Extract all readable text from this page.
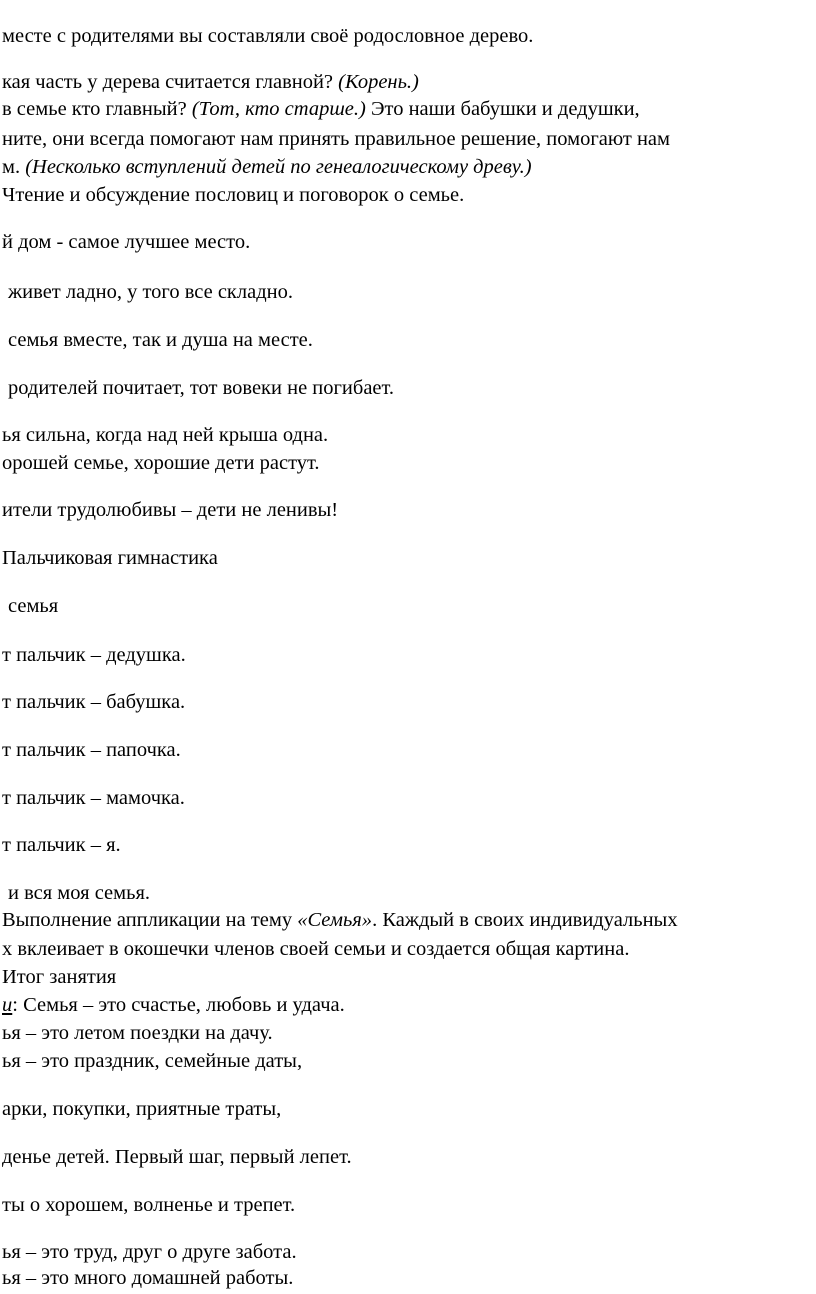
месте с родителями вы составляли своё родословное дерево.

кая часть у дерева считается главной? (Корень.)

в семье кто главный? (Тот, кто старше.) Это наши бабушки и дедушки,

ните, они всегда помогают нам принять правильное решение, помогают нам

м. (Несколько вступлений детей по генеалогическому древу.)

Чтение и обсуждение пословиц и поговорок о семье.

й дом - самое лучшее место.

живет ладно, у того все складно.

семья вместе, так и душа на месте.

родителей почитает, тот вовеки не погибает.

ья сильна, когда над ней крыша одна.

орошей семье, хорошие дети растут.

ители трудолюбивы – дети не ленивы!

Пальчиковая гимнастика

семья

т пальчик – дедушка.

т пальчик – бабушка.

т пальчик – папочка.

т пальчик – мамочка.

т пальчик – я.

и вся моя семья.

Выполнение аппликации на тему «Семья». Каждый в своих индивидуальных

х вклеивает в окошечки членов своей семьи и создается общая картина.

Итог занятия

и: Семья – это счастье, любовь и удача.

ья – это летом поездки на дачу.

ья – это праздник, семейные даты,

арки, покупки, приятные траты,

денье детей. Первый шаг, первый лепет.

ты о хорошем, волненье и трепет.

ья – это труд, друг о друге забота.

ья – это много домашней работы.
